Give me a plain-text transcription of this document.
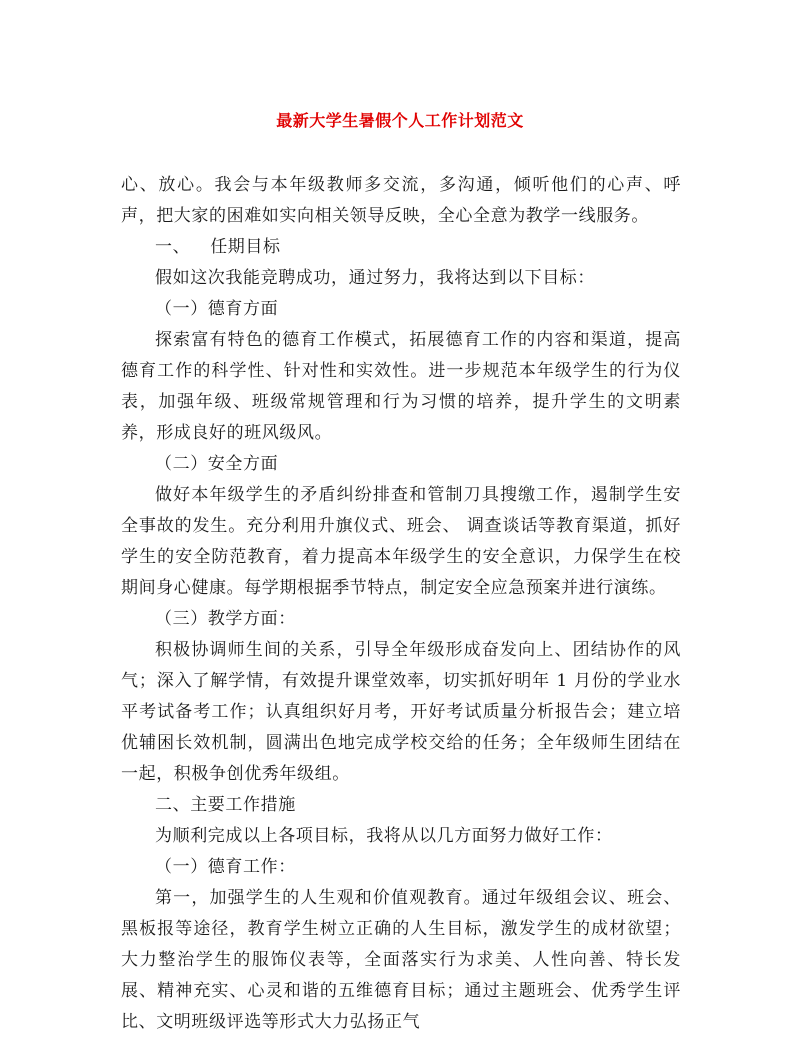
最新大学生暑假个人工作计划范文

心、放心。我会与本年级教师多交流，多沟通，倾听他们的心声、呼声，把大家的困难如实向相关领导反映，全心全意为教学一线服务。

一、 任期目标

假如这次我能竞聘成功，通过努力，我将达到以下目标：

（一）德育方面

探索富有特色的德育工作模式，拓展德育工作的内容和渠道，提高德育工作的科学性、针对性和实效性。进一步规范本年级学生的行为仪表，加强年级、班级常规管理和行为习惯的培养，提升学生的文明素养，形成良好的班风级风。

（二）安全方面

做好本年级学生的矛盾纠纷排查和管制刀具搜缴工作，遏制学生安全事故的发生。充分利用升旗仪式、班会、 调查谈话等教育渠道，抓好学生的安全防范教育，着力提高本年级学生的安全意识，力保学生在校期间身心健康。每学期根据季节特点，制定安全应急预案并进行演练。

（三）教学方面：

积极协调师生间的关系，引导全年级形成奋发向上、团结协作的风气；深入了解学情，有效提升课堂效率，切实抓好明年 1 月份的学业水平考试备考工作；认真组织好月考，开好考试质量分析报告会；建立培优辅困长效机制，圆满出色地完成学校交给的任务；全年级师生团结在一起，积极争创优秀年级组。

二、主要工作措施

为顺利完成以上各项目标，我将从以几方面努力做好工作：

（一）德育工作：

第一，加强学生的人生观和价值观教育。通过年级组会议、班会、黑板报等途径，教育学生树立正确的人生目标，激发学生的成材欲望；大力整治学生的服饰仪表等，全面落实行为求美、人性向善、特长发展、精神充实、心灵和谐的五维德育目标；通过主题班会、优秀学生评比、文明班级评选等形式大力弘扬正气
